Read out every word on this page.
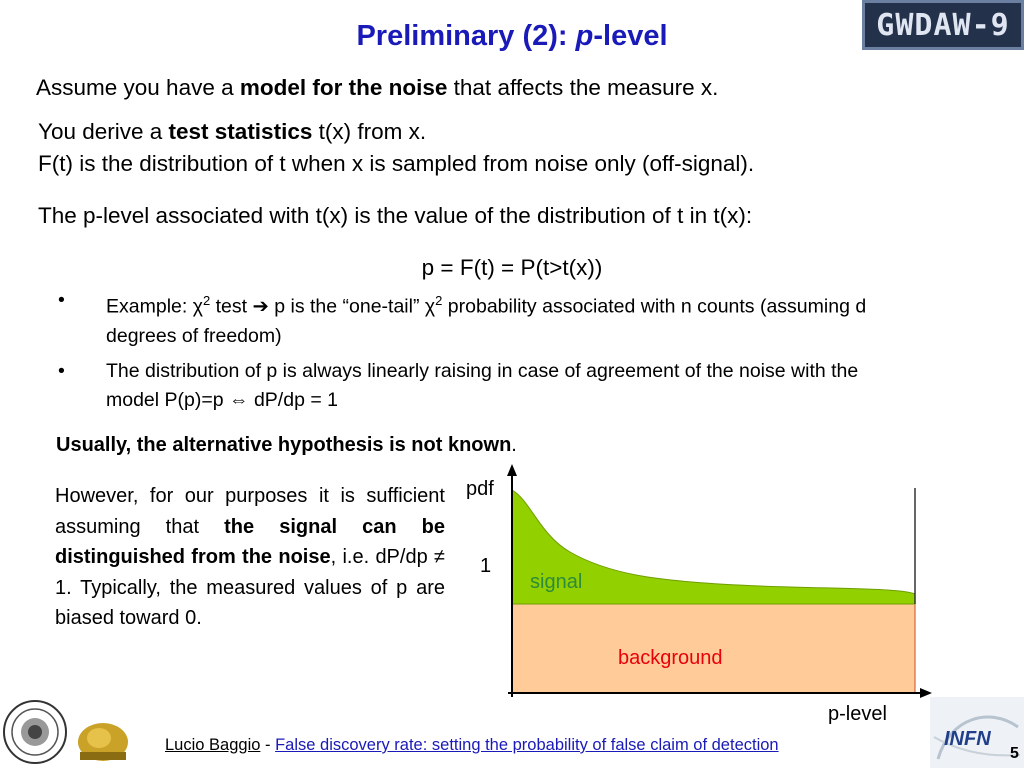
Preliminary (2): p-level	GWDAW-9
Assume you have a model for the noise that affects the measure x.
You derive a test statistics t(x) from x.
F(t) is the distribution of t when x is sampled from noise only (off-signal).
The p-level associated with t(x) is the value of the distribution of t in t(x):
p = F(t) = P(t>t(x))
• Example: $\chi^2$ test ➔ p is the “one-tail” $\chi^2$ probability associated with n counts (assuming d degrees of freedom)
• The distribution of p is always linearly raising in case of agreement of the noise with the model P(p)=p ⇔ dP/dp = 1
Usually, the alternative hypothesis is not known.
However, for our purposes it is sufficient assuming that the signal can be distinguished from the noise, i.e. dP/dp ≠ 1. Typically, the measured values of p are biased toward 0.
pdf
1
signal
background
p-level
INFN
Lucio Baggio - False discovery rate: setting the probability of false claim of detection	5
